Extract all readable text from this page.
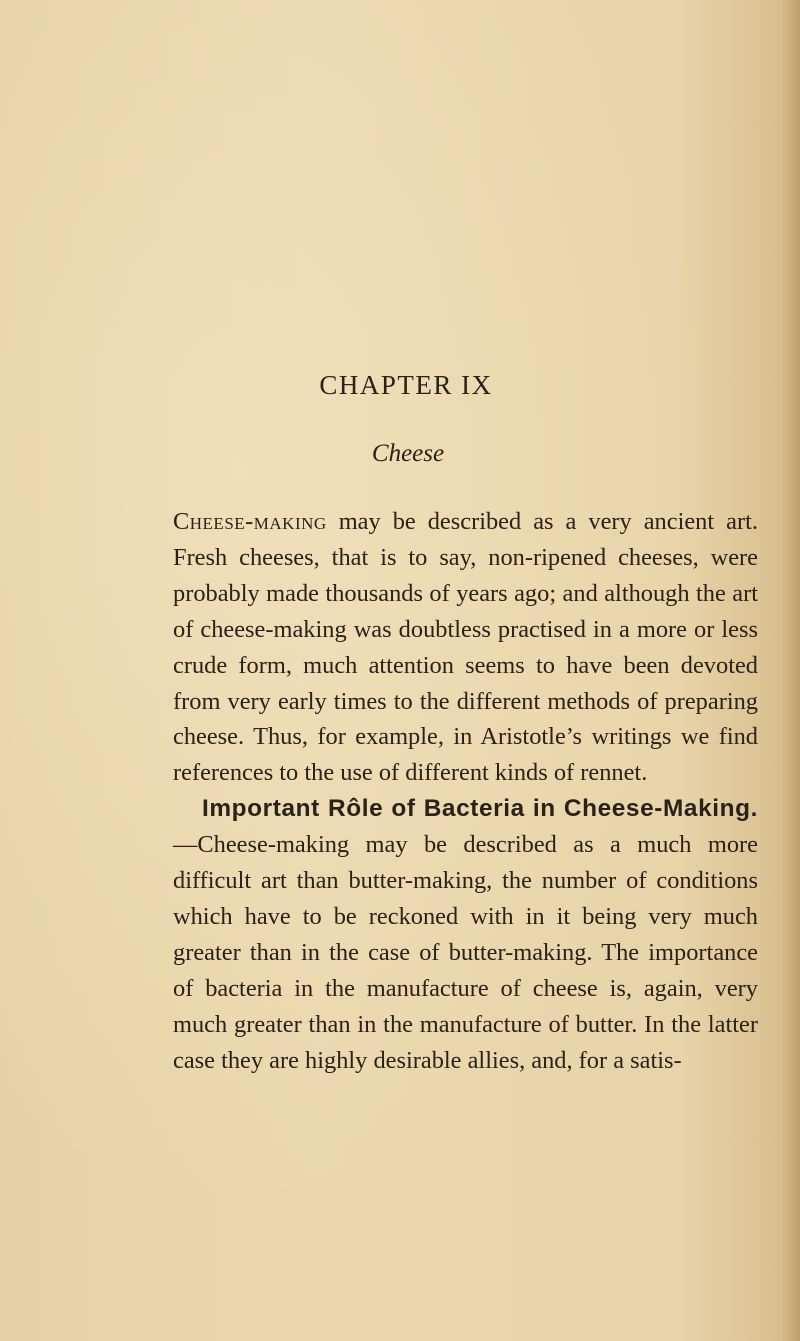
CHAPTER IX
Cheese

Cheese-making may be described as a very ancient art. Fresh cheeses, that is to say, non-ripened cheeses, were probably made thousands of years ago; and although the art of cheese-making was doubtless practised in a more or less crude form, much attention seems to have been devoted from very early times to the different methods of preparing cheese. Thus, for example, in Aristotle’s writings we find references to the use of different kinds of rennet.

Important Rôle of Bacteria in Cheese-Making.—Cheese-making may be described as a much more difficult art than butter-making, the number of conditions which have to be reckoned with in it being very much greater than in the case of butter-making. The importance of bacteria in the manufacture of cheese is, again, very much greater than in the manufacture of butter. In the latter case they are highly desirable allies, and, for a satis-
